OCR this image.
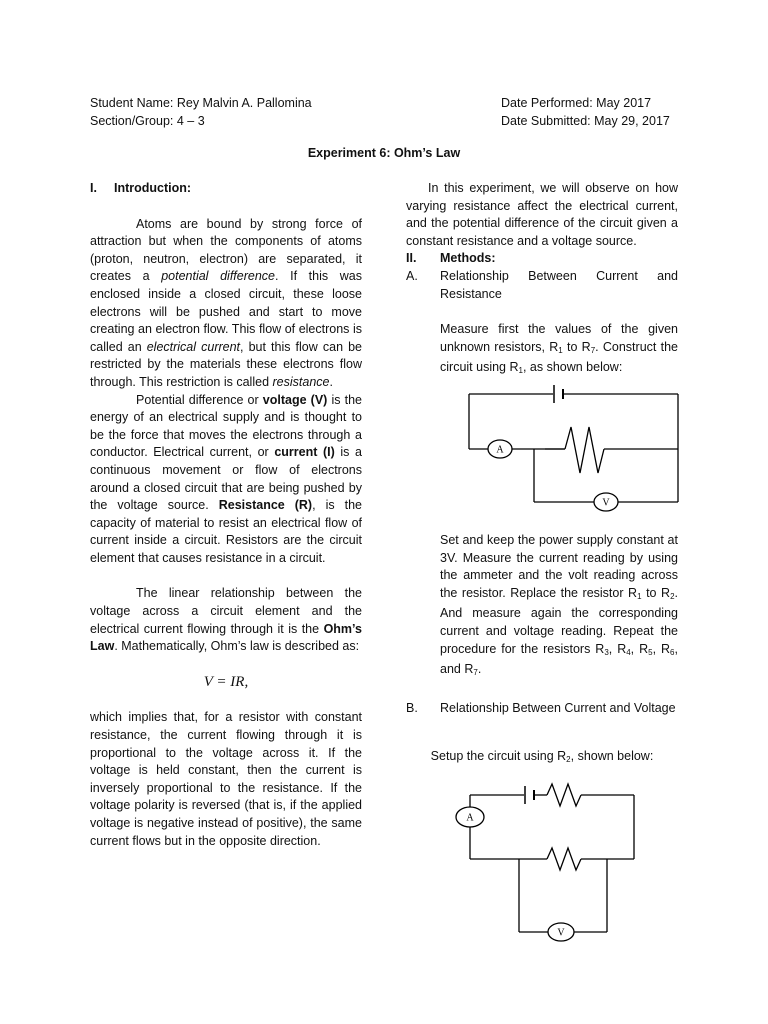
Student Name: Rey Malvin A. Pallomina
Section/Group: 4 – 3
Date Performed: May 2017
Date Submitted: May 29, 2017
Experiment 6: Ohm’s Law

I. Introduction:

Atoms are bound by strong force of attraction but when the components of atoms (proton, neutron, electron) are separated, it creates a potential difference. If this was enclosed inside a closed circuit, these loose electrons will be pushed and start to move creating an electron flow. This flow of electrons is called an electrical current, but this flow can be restricted by the materials these electrons flow through. This restriction is called resistance.

Potential difference or voltage (V) is the energy of an electrical supply and is thought to be the force that moves the electrons through a conductor. Electrical current, or current (I) is a continuous movement or flow of electrons around a closed circuit that are being pushed by the voltage source. Resistance (R), is the capacity of material to resist an electrical flow of current inside a circuit. Resistors are the circuit element that causes resistance in a circuit.

The linear relationship between the voltage across a circuit element and the electrical current flowing through it is the Ohm’s Law. Mathematically, Ohm’s law is described as:

V = IR,

which implies that, for a resistor with constant resistance, the current flowing through it is proportional to the voltage across it. If the voltage is held constant, then the current is inversely proportional to the resistance. If the voltage polarity is reversed (that is, if the applied voltage is negative instead of positive), the same current flows but in the opposite direction.

In this experiment, we will observe on how varying resistance affect the electrical current, and the potential difference of the circuit given a constant resistance and a voltage source.

II. Methods:

A.	Relationship Between Current and Resistance

Measure first the values of the given unknown resistors, $R_1$ to $R_7$. Construct the circuit using $R_1$, as shown below:

A
V

Set and keep the power supply constant at 3V. Measure the current reading by using the ammeter and the volt reading across the resistor. Replace the resistor $R_1$ to $R_2$. And measure again the corresponding current and voltage reading. Repeat the procedure for the resistors $R_3$, $R_4$, $R_5$, $R_6$, and $R_7$.

B.	Relationship Between Current and Voltage

Setup the circuit using $R_2$, shown below:

A
V
